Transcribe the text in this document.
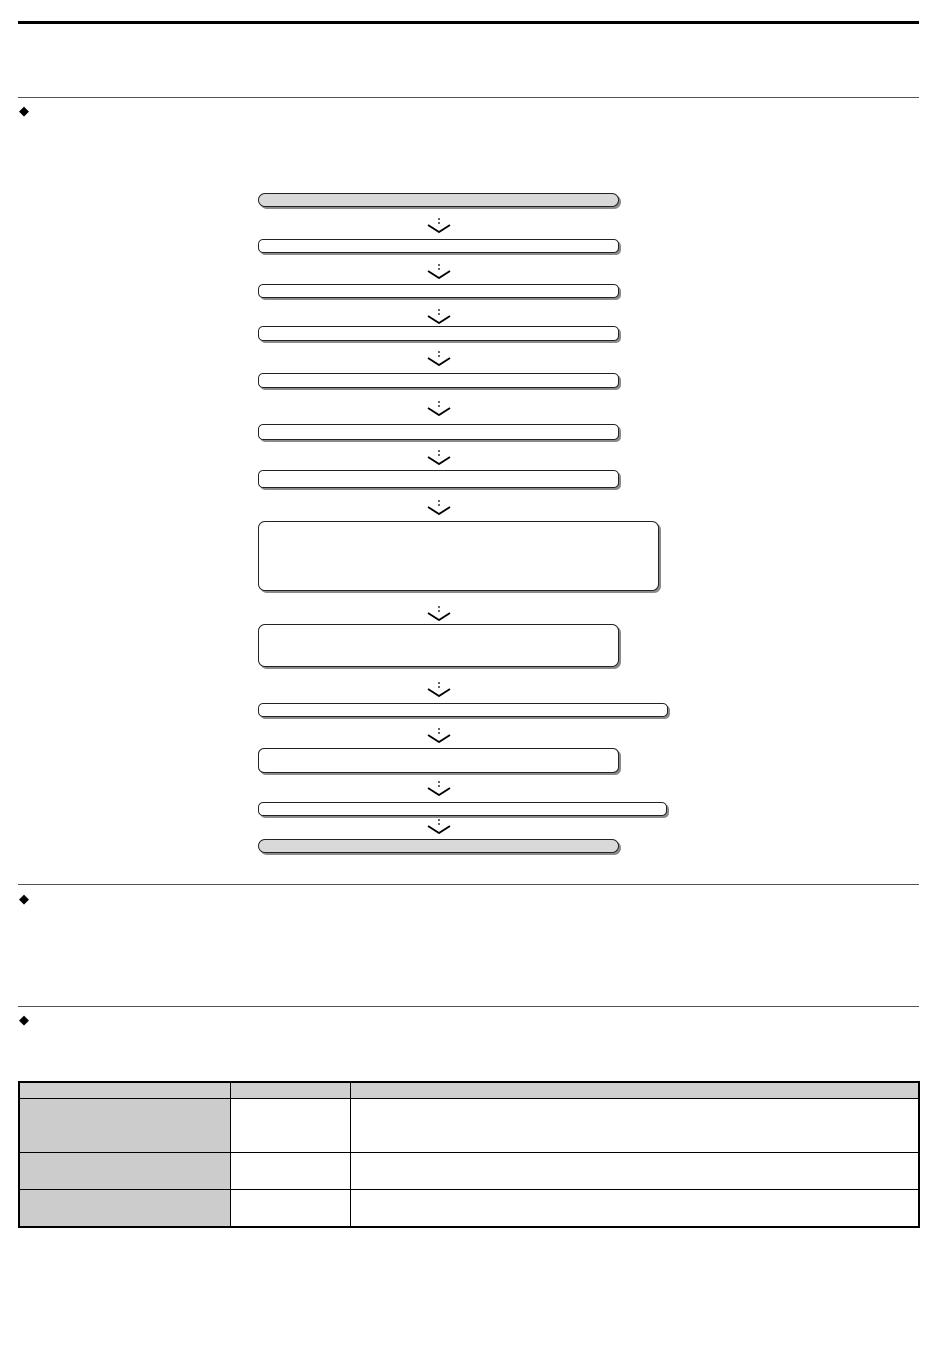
◆
◆
◆
